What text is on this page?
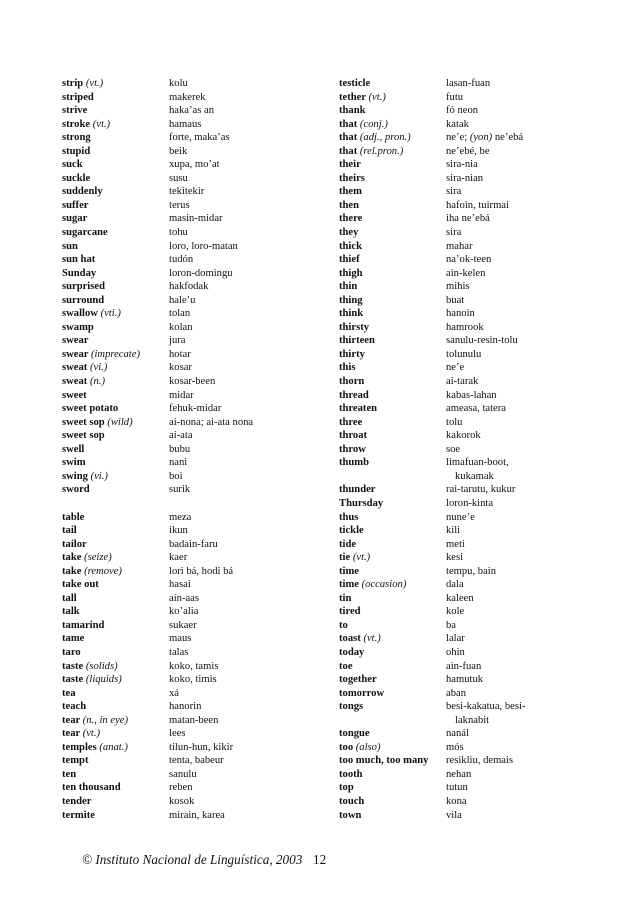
strip (vt.)	kolu
striped	makerek
strive	haka’as an
stroke (vt.)	hamaus
strong	forte, maka’as
stupid	beik
suck	xupa, mo’at
suckle	susu
suddenly	tekitekir
suffer	terus
sugar	masin-midar
sugarcane	tohu
sun	loro, loro-matan
sun hat	tudón
Sunday	loron-domingu
surprised	hakfodak
surround	hale’u
swallow (vti.)	tolan
swamp	kolan
swear	jura
swear (imprecate)	hotar
sweat (vi.)	kosar
sweat (n.)	kosar-been
sweet	midar
sweet potato	fehuk-midar
sweet sop (wild)	ai-nona; ai-ata nona
sweet sop	ai-ata
swell	bubu
swim	nani
swing (vi.)	boi
sword	surik
table	meza
tail	ikun
tailor	badain-faru
take (seize)	kaer
take (remove)	lori bá, hodi bá
take out	hasai
tall	aín-aas
talk	ko’alia
tamarind	sukaer
tame	maus
taro	talas
taste (solids)	koko, tamis
taste (liquids)	koko, timis
tea	xá
teach	hanorin
tear (n., in eye)	matan-been
tear (vt.)	lees
temples (anat.)	tilun-hun, kikir
tempt	tenta, babeur
ten	sanulu
ten thousand	reben
tender	kosok
termite	mirain, karea
testicle	lasan-fuan
tether (vt.)	futu
thank	fó neon
that (conj.)	katak
that (adj., pron.)	ne’e; (yon) ne’ebá
that (rel.pron.)	ne’ebé, be
their	sira-nia
theirs	sira-nian
them	sira
then	hafoin, tuirmai
there	iha ne’ebá
they	sira
thick	mahar
thief	na’ok-teen
thigh	ain-kelen
thin	mihis
thing	buat
think	hanoin
thirsty	hamrook
thirteen	sanulu-resin-tolu
thirty	tolunulu
this	ne’e
thorn	ai-tarak
thread	kabas-lahan
threaten	ameasa, tatera
three	tolu
throat	kakorok
throw	soe
thumb	limafuan-boot,
kukamak
thunder	rai-tarutu, kukur
Thursday	loron-kinta
thus	nune’e
tickle	kili
tide	meti
tie (vt.)	kesi
time	tempu, bain
time (occasion)	dala
tin	kaleen
tired	kole
to	ba
toast (vt.)	lalar
today	ohin
toe	ain-fuan
together	hamutuk
tomorrow	aban
tongs	besi-kakatua, besi-
laknabit
tongue	nanál
too (also)	mós
too much, too many	resikliu, demais
tooth	nehan
top	tutun
touch	kona
town	vila
© Instituto Nacional de Linguística, 2003 12
